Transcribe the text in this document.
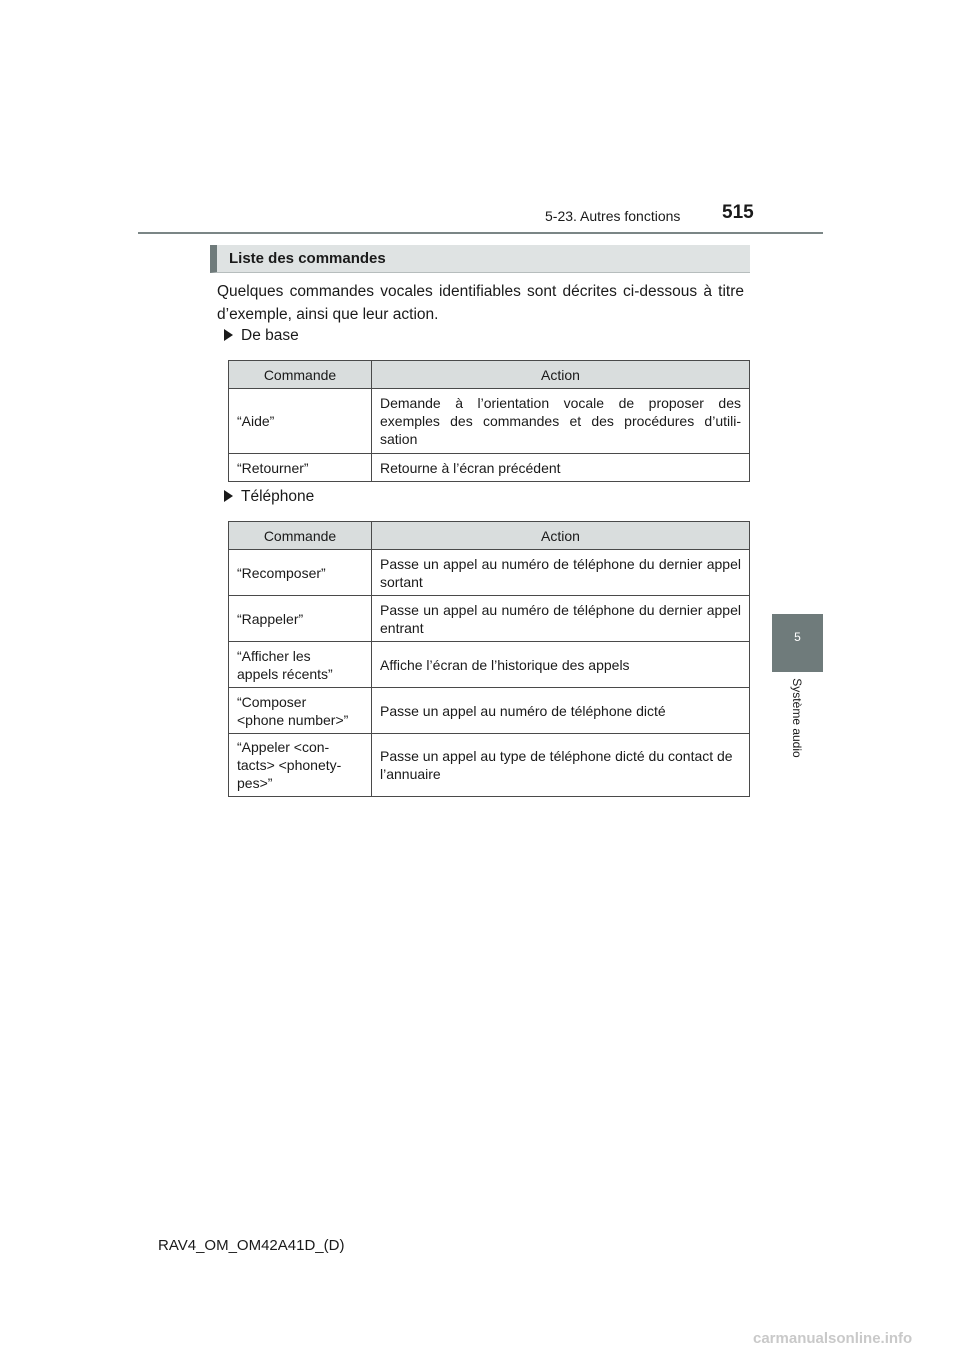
5-23. Autres fonctions 515
5
Système audio
Liste des commandes
Quelques commandes vocales identifiables sont décrites ci-dessous à titre d’exemple, ainsi que leur action.
De base
Commande	Action
“Aide”	Demande à l’orientation vocale de proposer des exemples des commandes et des procédures d’utili- sation
“Retourner”	Retourne à l’écran précédent
Téléphone
Commande	Action
“Recomposer”	Passe un appel au numéro de téléphone du dernier appel sortant
“Rappeler”	Passe un appel au numéro de téléphone du dernier appel entrant

“Afficher les
appels récents”	Affiche l’écran de l’historique des appels

“Composer
<phone number>”	Passe un appel au numéro de téléphone dicté

“Appeler <con-
tacts> <phonety-
pes>”	Passe un appel au type de téléphone dicté du contact de l’annuaire
RAV4_OM_OM42A41D_(D)
carmanualsonline.info
